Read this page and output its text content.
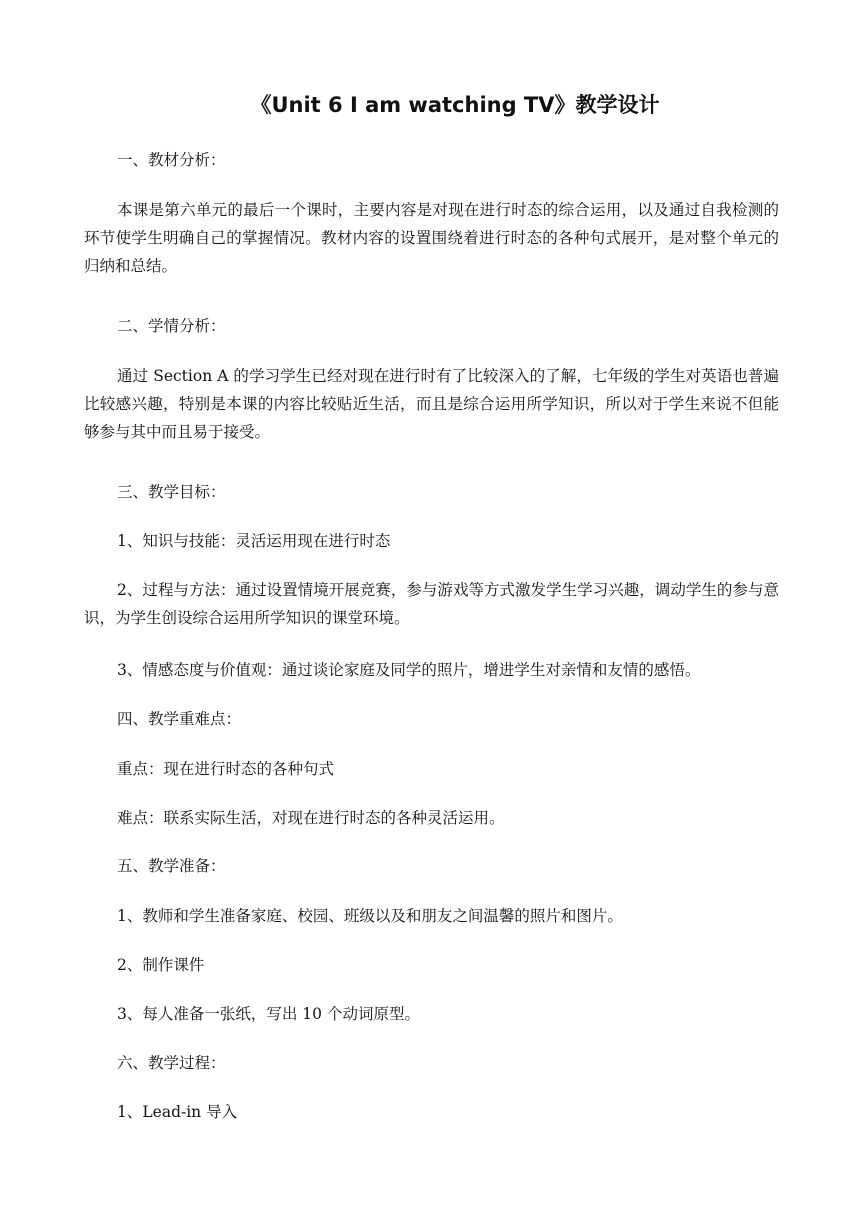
《Unit 6 I am watching TV》教学设计

一、教材分析：

本课是第六单元的最后一个课时，主要内容是对现在进行时态的综合运用，以及通过自我检测的环节使学生明确自己的掌握情况。教材内容的设置围绕着进行时态的各种句式展开，是对整个单元的归纳和总结。

二、学情分析：

通过 Section A 的学习学生已经对现在进行时有了比较深入的了解，七年级的学生对英语也普遍比较感兴趣，特别是本课的内容比较贴近生活，而且是综合运用所学知识，所以对于学生来说不但能够参与其中而且易于接受。

三、教学目标：

1、知识与技能：灵活运用现在进行时态

2、过程与方法：通过设置情境开展竞赛，参与游戏等方式激发学生学习兴趣，调动学生的参与意识，为学生创设综合运用所学知识的课堂环境。

3、情感态度与价值观：通过谈论家庭及同学的照片，增进学生对亲情和友情的感悟。

四、教学重难点：

重点：现在进行时态的各种句式

难点：联系实际生活，对现在进行时态的各种灵活运用。

五、教学准备：

1、教师和学生准备家庭、校园、班级以及和朋友之间温馨的照片和图片。

2、制作课件

3、每人准备一张纸，写出 10 个动词原型。

六、教学过程：

1、Lead-in 导入
